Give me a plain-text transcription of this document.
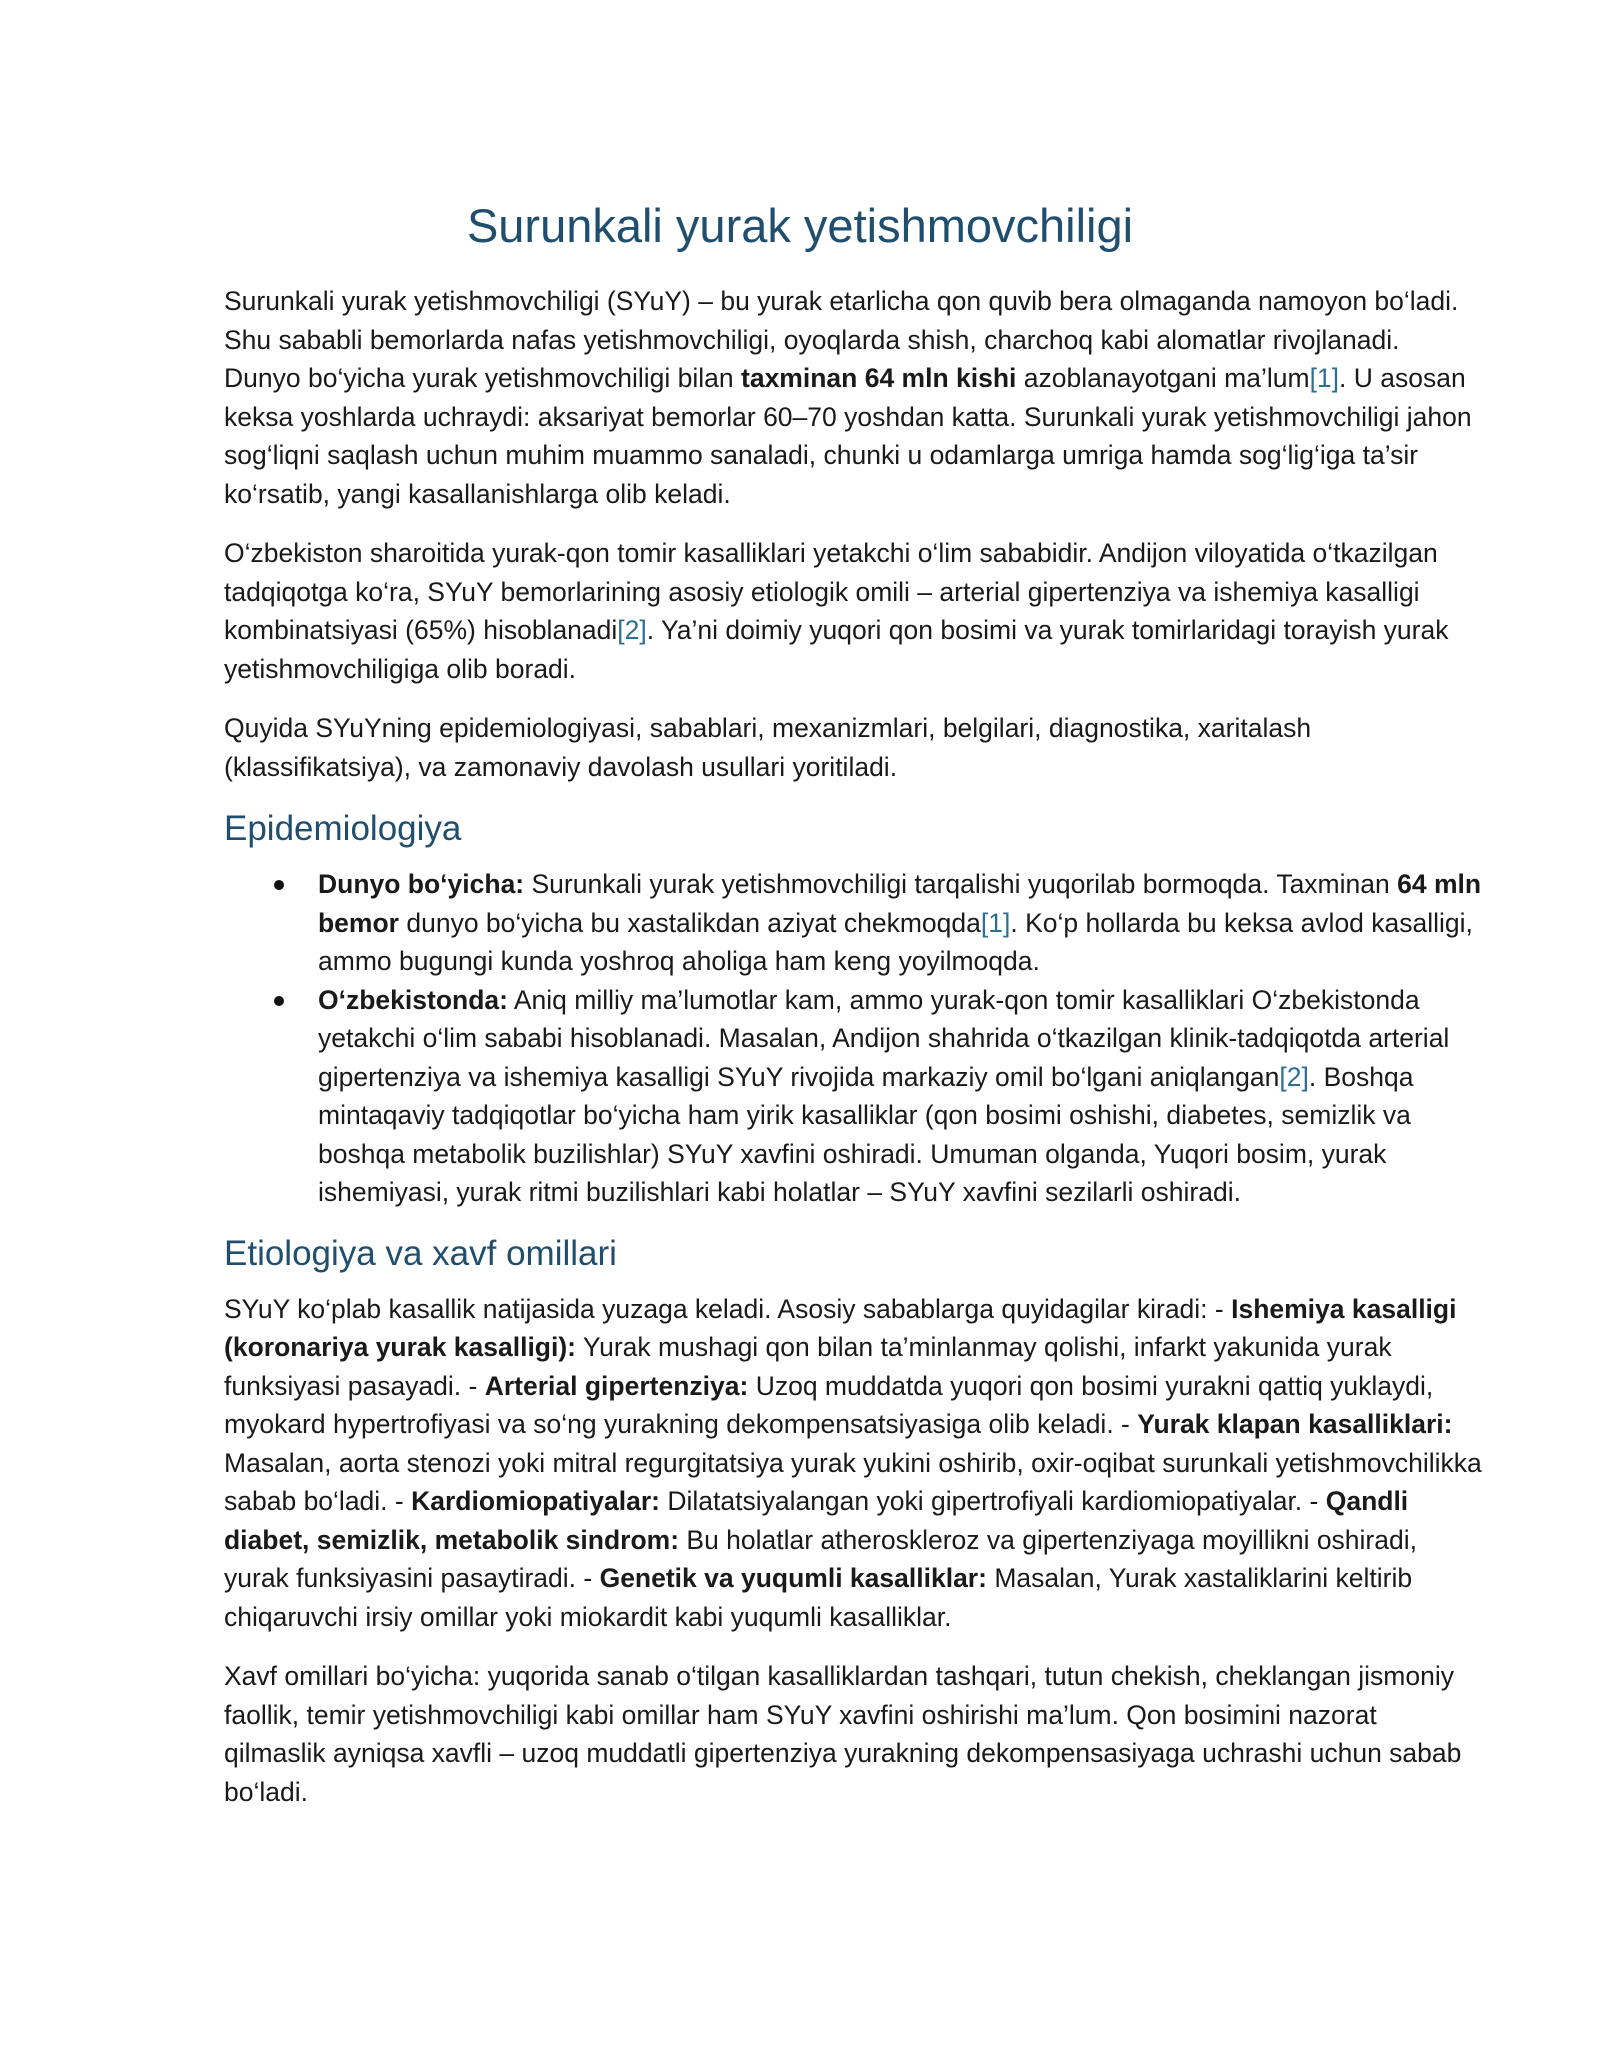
Surunkali yurak yetishmovchiligi

Surunkali yurak yetishmovchiligi (SYuY) – bu yurak etarlicha qon quvib bera olmaganda namoyon bo‘ladi. Shu sababli bemorlarda nafas yetishmovchiligi, oyoqlarda shish, charchoq kabi alomatlar rivojlanadi. Dunyo bo‘yicha yurak yetishmovchiligi bilan taxminan 64 mln kishi azoblanayotgani ma’lum[1]. U asosan keksa yoshlarda uchraydi: aksariyat bemorlar 60–70 yoshdan katta. Surunkali yurak yetishmovchiligi jahon sog‘liqni saqlash uchun muhim muammo sanaladi, chunki u odamlarga umriga hamda sog‘lig‘iga ta’sir ko‘rsatib, yangi kasallanishlarga olib keladi.

O‘zbekiston sharoitida yurak-qon tomir kasalliklari yetakchi o‘lim sababidir. Andijon viloyatida o‘tkazilgan tadqiqotga ko‘ra, SYuY bemorlarining asosiy etiologik omili – arterial gipertenziya va ishemiya kasalligi kombinatsiyasi (65%) hisoblanadi[2]. Ya’ni doimiy yuqori qon bosimi va yurak tomirlaridagi torayish yurak yetishmovchiligiga olib boradi.

Quyida SYuYning epidemiologiyasi, sabablari, mexanizmlari, belgilari, diagnostika, xaritalash (klassifikatsiya), va zamonaviy davolash usullari yoritiladi.

Epidemiologiya
Dunyo bo‘yicha: Surunkali yurak yetishmovchiligi tarqalishi yuqorilab bormoqda. Taxminan 64 mln bemor dunyo bo‘yicha bu xastalikdan aziyat chekmoqda[1]. Ko‘p hollarda bu keksa avlod kasalligi, ammo bugungi kunda yoshroq aholiga ham keng yoyilmoqda.
O‘zbekistonda: Aniq milliy ma’lumotlar kam, ammo yurak-qon tomir kasalliklari O‘zbekistonda yetakchi o‘lim sababi hisoblanadi. Masalan, Andijon shahrida o‘tkazilgan klinik-tadqiqotda arterial gipertenziya va ishemiya kasalligi SYuY rivojida markaziy omil bo‘lgani aniqlangan[2]. Boshqa mintaqaviy tadqiqotlar bo‘yicha ham yirik kasalliklar (qon bosimi oshishi, diabetes, semizlik va boshqa metabolik buzilishlar) SYuY xavfini oshiradi. Umuman olganda, Yuqori bosim, yurak ishemiyasi, yurak ritmi buzilishlari kabi holatlar – SYuY xavfini sezilarli oshiradi.
Etiologiya va xavf omillari

SYuY ko‘plab kasallik natijasida yuzaga keladi. Asosiy sabablarga quyidagilar kiradi: - Ishemiya kasalligi (koronariya yurak kasalligi): Yurak mushagi qon bilan ta’minlanmay qolishi, infarkt yakunida yurak funksiyasi pasayadi. - Arterial gipertenziya: Uzoq muddatda yuqori qon bosimi yurakni qattiq yuklaydi, myokard hypertrofiyasi va so‘ng yurakning dekompensatsiyasiga olib keladi. - Yurak klapan kasalliklari: Masalan, aorta stenozi yoki mitral regurgitatsiya yurak yukini oshirib, oxir-oqibat surunkali yetishmovchilikka sabab bo‘ladi. - Kardiomiopatiyalar: Dilatatsiyalangan yoki gipertrofiyali kardiomiopatiyalar. - Qandli diabet, semizlik, metabolik sindrom: Bu holatlar atheroskleroz va gipertenziyaga moyillikni oshiradi, yurak funksiyasini pasaytiradi. - Genetik va yuqumli kasalliklar: Masalan, Yurak xastaliklarini keltirib chiqaruvchi irsiy omillar yoki miokardit kabi yuqumli kasalliklar.

Xavf omillari bo‘yicha: yuqorida sanab o‘tilgan kasalliklardan tashqari, tutun chekish, cheklangan jismoniy faollik, temir yetishmovchiligi kabi omillar ham SYuY xavfini oshirishi ma’lum. Qon bosimini nazorat qilmaslik ayniqsa xavfli – uzoq muddatli gipertenziya yurakning dekompensasiyaga uchrashi uchun sabab bo‘ladi.
